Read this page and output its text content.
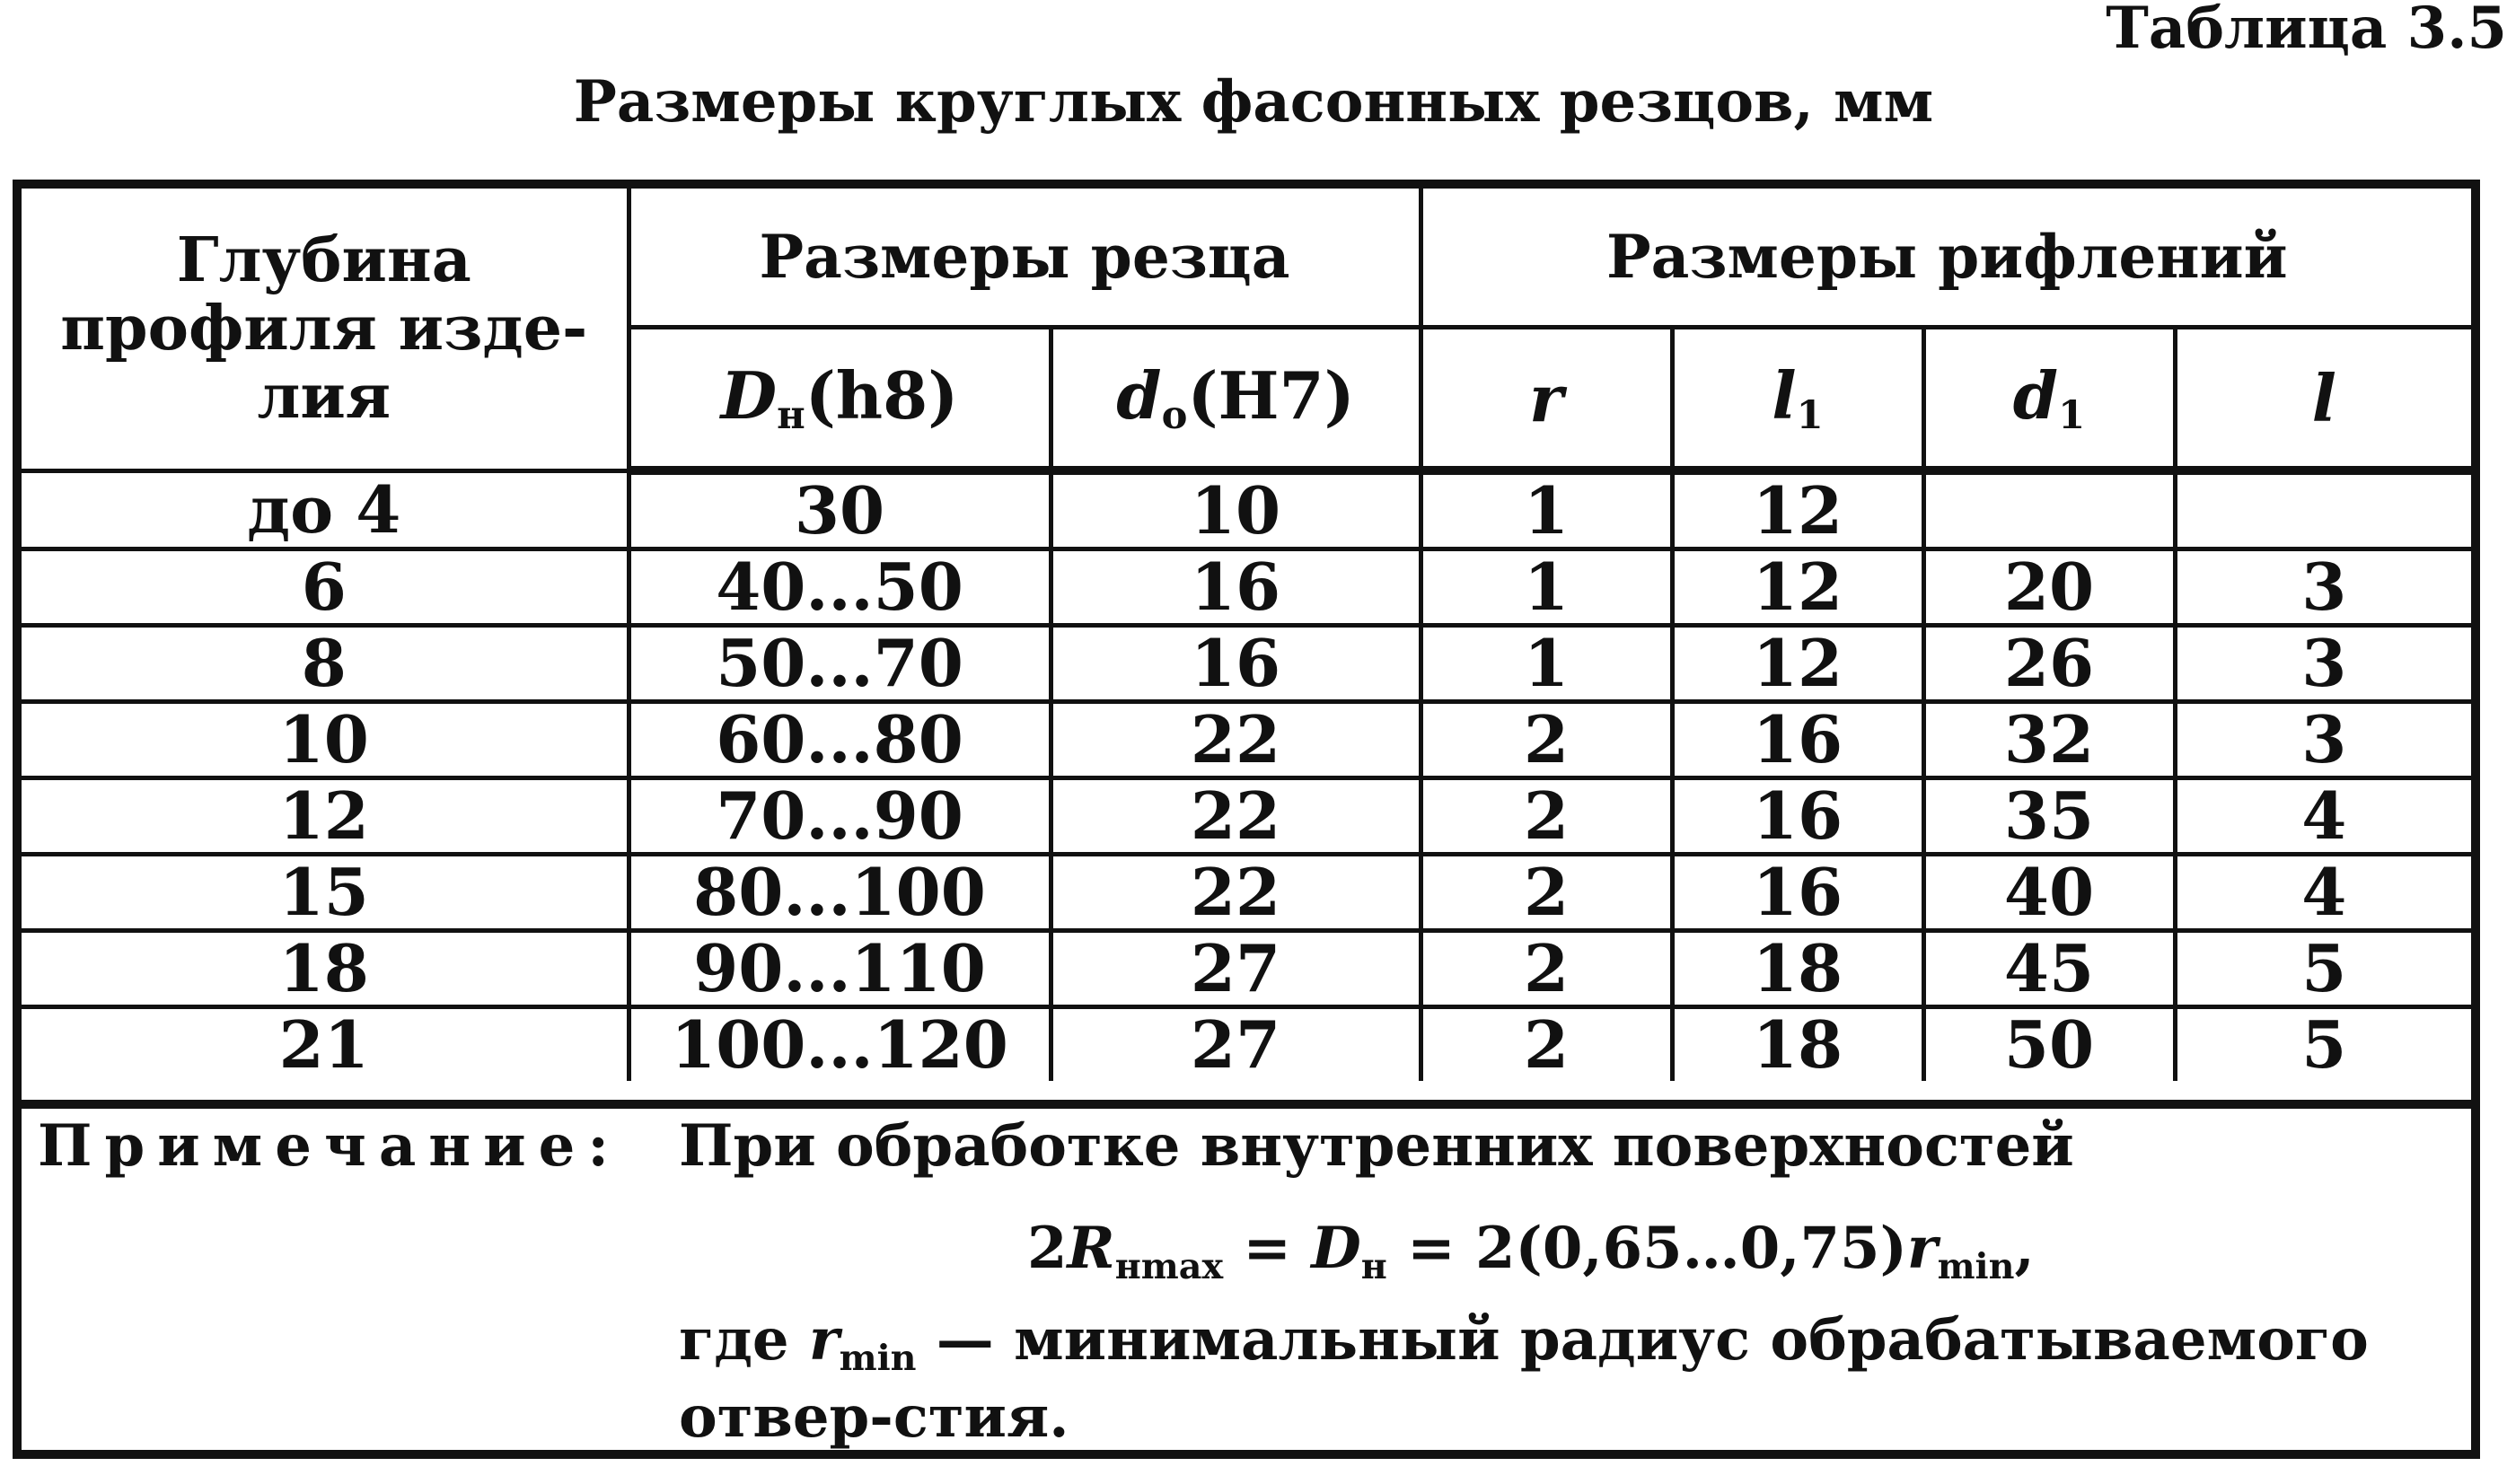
Таблица 3.5
Размеры круглых фасонных резцов, мм
Глубина профиля изде-лия	Размеры резца		Размеры рифлений			
	$D_н(h8)$	$d_о(H7)$	r	$l_1$	$d_1$	l
до 4	30	10	1	12		
6	40...50	16	1	12	20	3
8	50...70	16	1	12	26	3
10	60...80	22	2	16	32	3
12	70...90	22	2	16	35	4
15	80...100	22	2	16	40	4
18	90...110	27	2	18	45	5
21	100...120	27	2	18	50	5
Примечание: При обработке внутренних поверхностей
2Rнmax = Dн = 2(0,65…0,75)rmin,
где rmin — минимальный радиус обрабатываемого отвер-стия.
